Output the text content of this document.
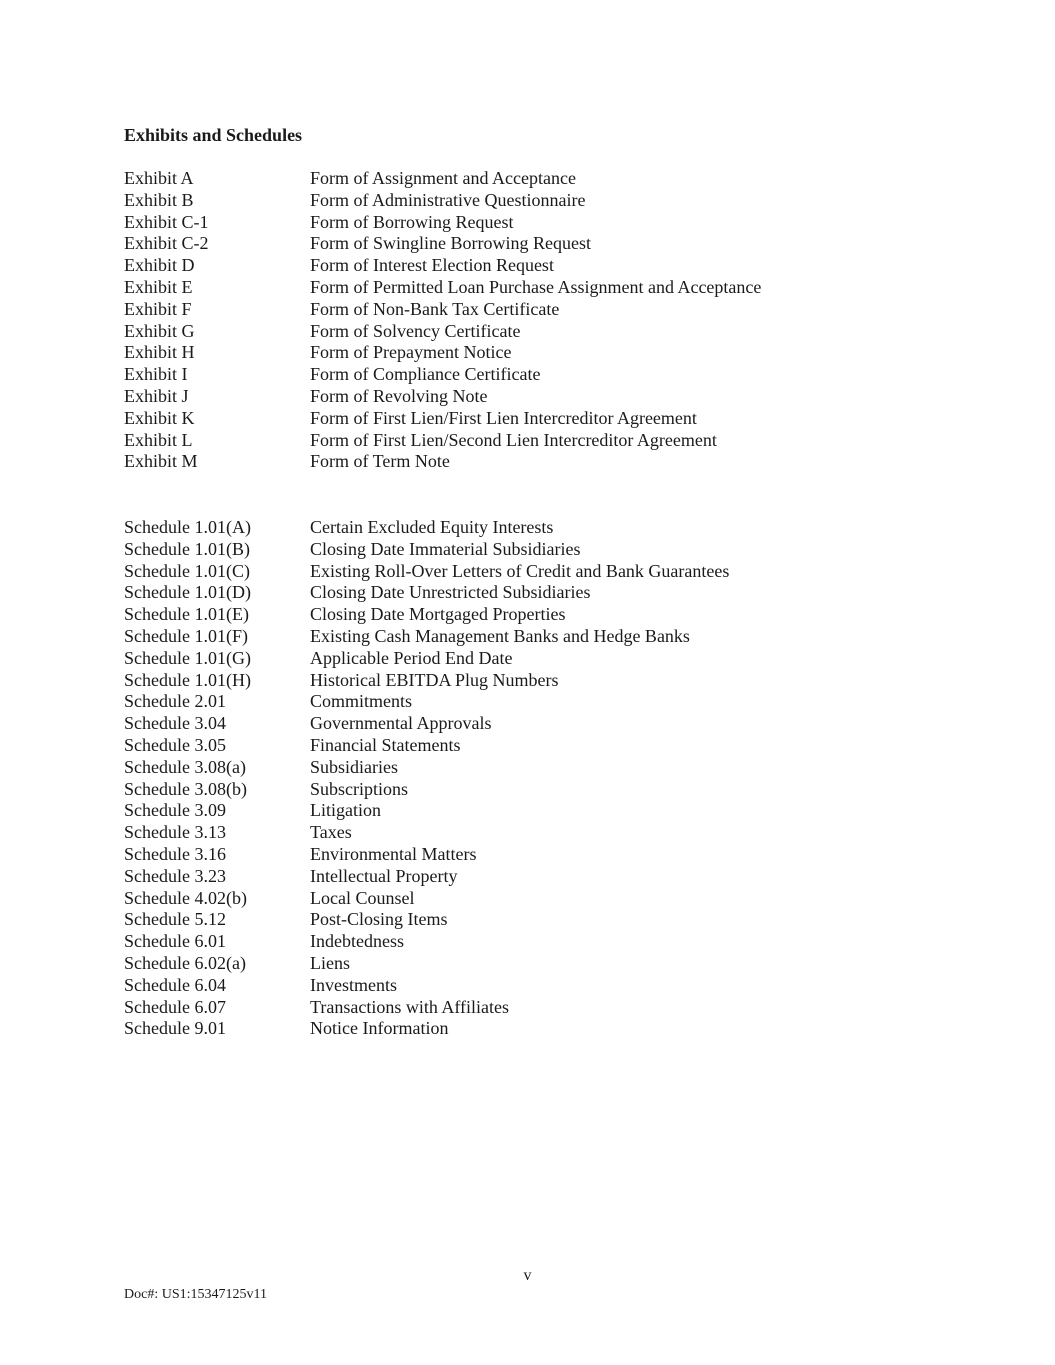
Exhibits and Schedules
Exhibit A	Form of Assignment and Acceptance
Exhibit B	Form of Administrative Questionnaire
Exhibit C-1	Form of Borrowing Request
Exhibit C-2	Form of Swingline Borrowing Request
Exhibit D	Form of Interest Election Request
Exhibit E	Form of Permitted Loan Purchase Assignment and Acceptance
Exhibit F	Form of Non-Bank Tax Certificate
Exhibit G	Form of Solvency Certificate
Exhibit H	Form of Prepayment Notice
Exhibit I	Form of Compliance Certificate
Exhibit J	Form of Revolving Note
Exhibit K	Form of First Lien/First Lien Intercreditor Agreement
Exhibit L	Form of First Lien/Second Lien Intercreditor Agreement
Exhibit M	Form of Term Note
Schedule 1.01(A)	Certain Excluded Equity Interests
Schedule 1.01(B)	Closing Date Immaterial Subsidiaries
Schedule 1.01(C)	Existing Roll-Over Letters of Credit and Bank Guarantees
Schedule 1.01(D)	Closing Date Unrestricted Subsidiaries
Schedule 1.01(E)	Closing Date Mortgaged Properties
Schedule 1.01(F)	Existing Cash Management Banks and Hedge Banks
Schedule 1.01(G)	Applicable Period End Date
Schedule 1.01(H)	Historical EBITDA Plug Numbers
Schedule 2.01	Commitments
Schedule 3.04	Governmental Approvals
Schedule 3.05	Financial Statements
Schedule 3.08(a)	Subsidiaries
Schedule 3.08(b)	Subscriptions
Schedule 3.09	Litigation
Schedule 3.13	Taxes
Schedule 3.16	Environmental Matters
Schedule 3.23	Intellectual Property
Schedule 4.02(b)	Local Counsel
Schedule 5.12	Post-Closing Items
Schedule 6.01	Indebtedness
Schedule 6.02(a)	Liens
Schedule 6.04	Investments
Schedule 6.07	Transactions with Affiliates
Schedule 9.01	Notice Information
v
Doc#: US1:15347125v11
